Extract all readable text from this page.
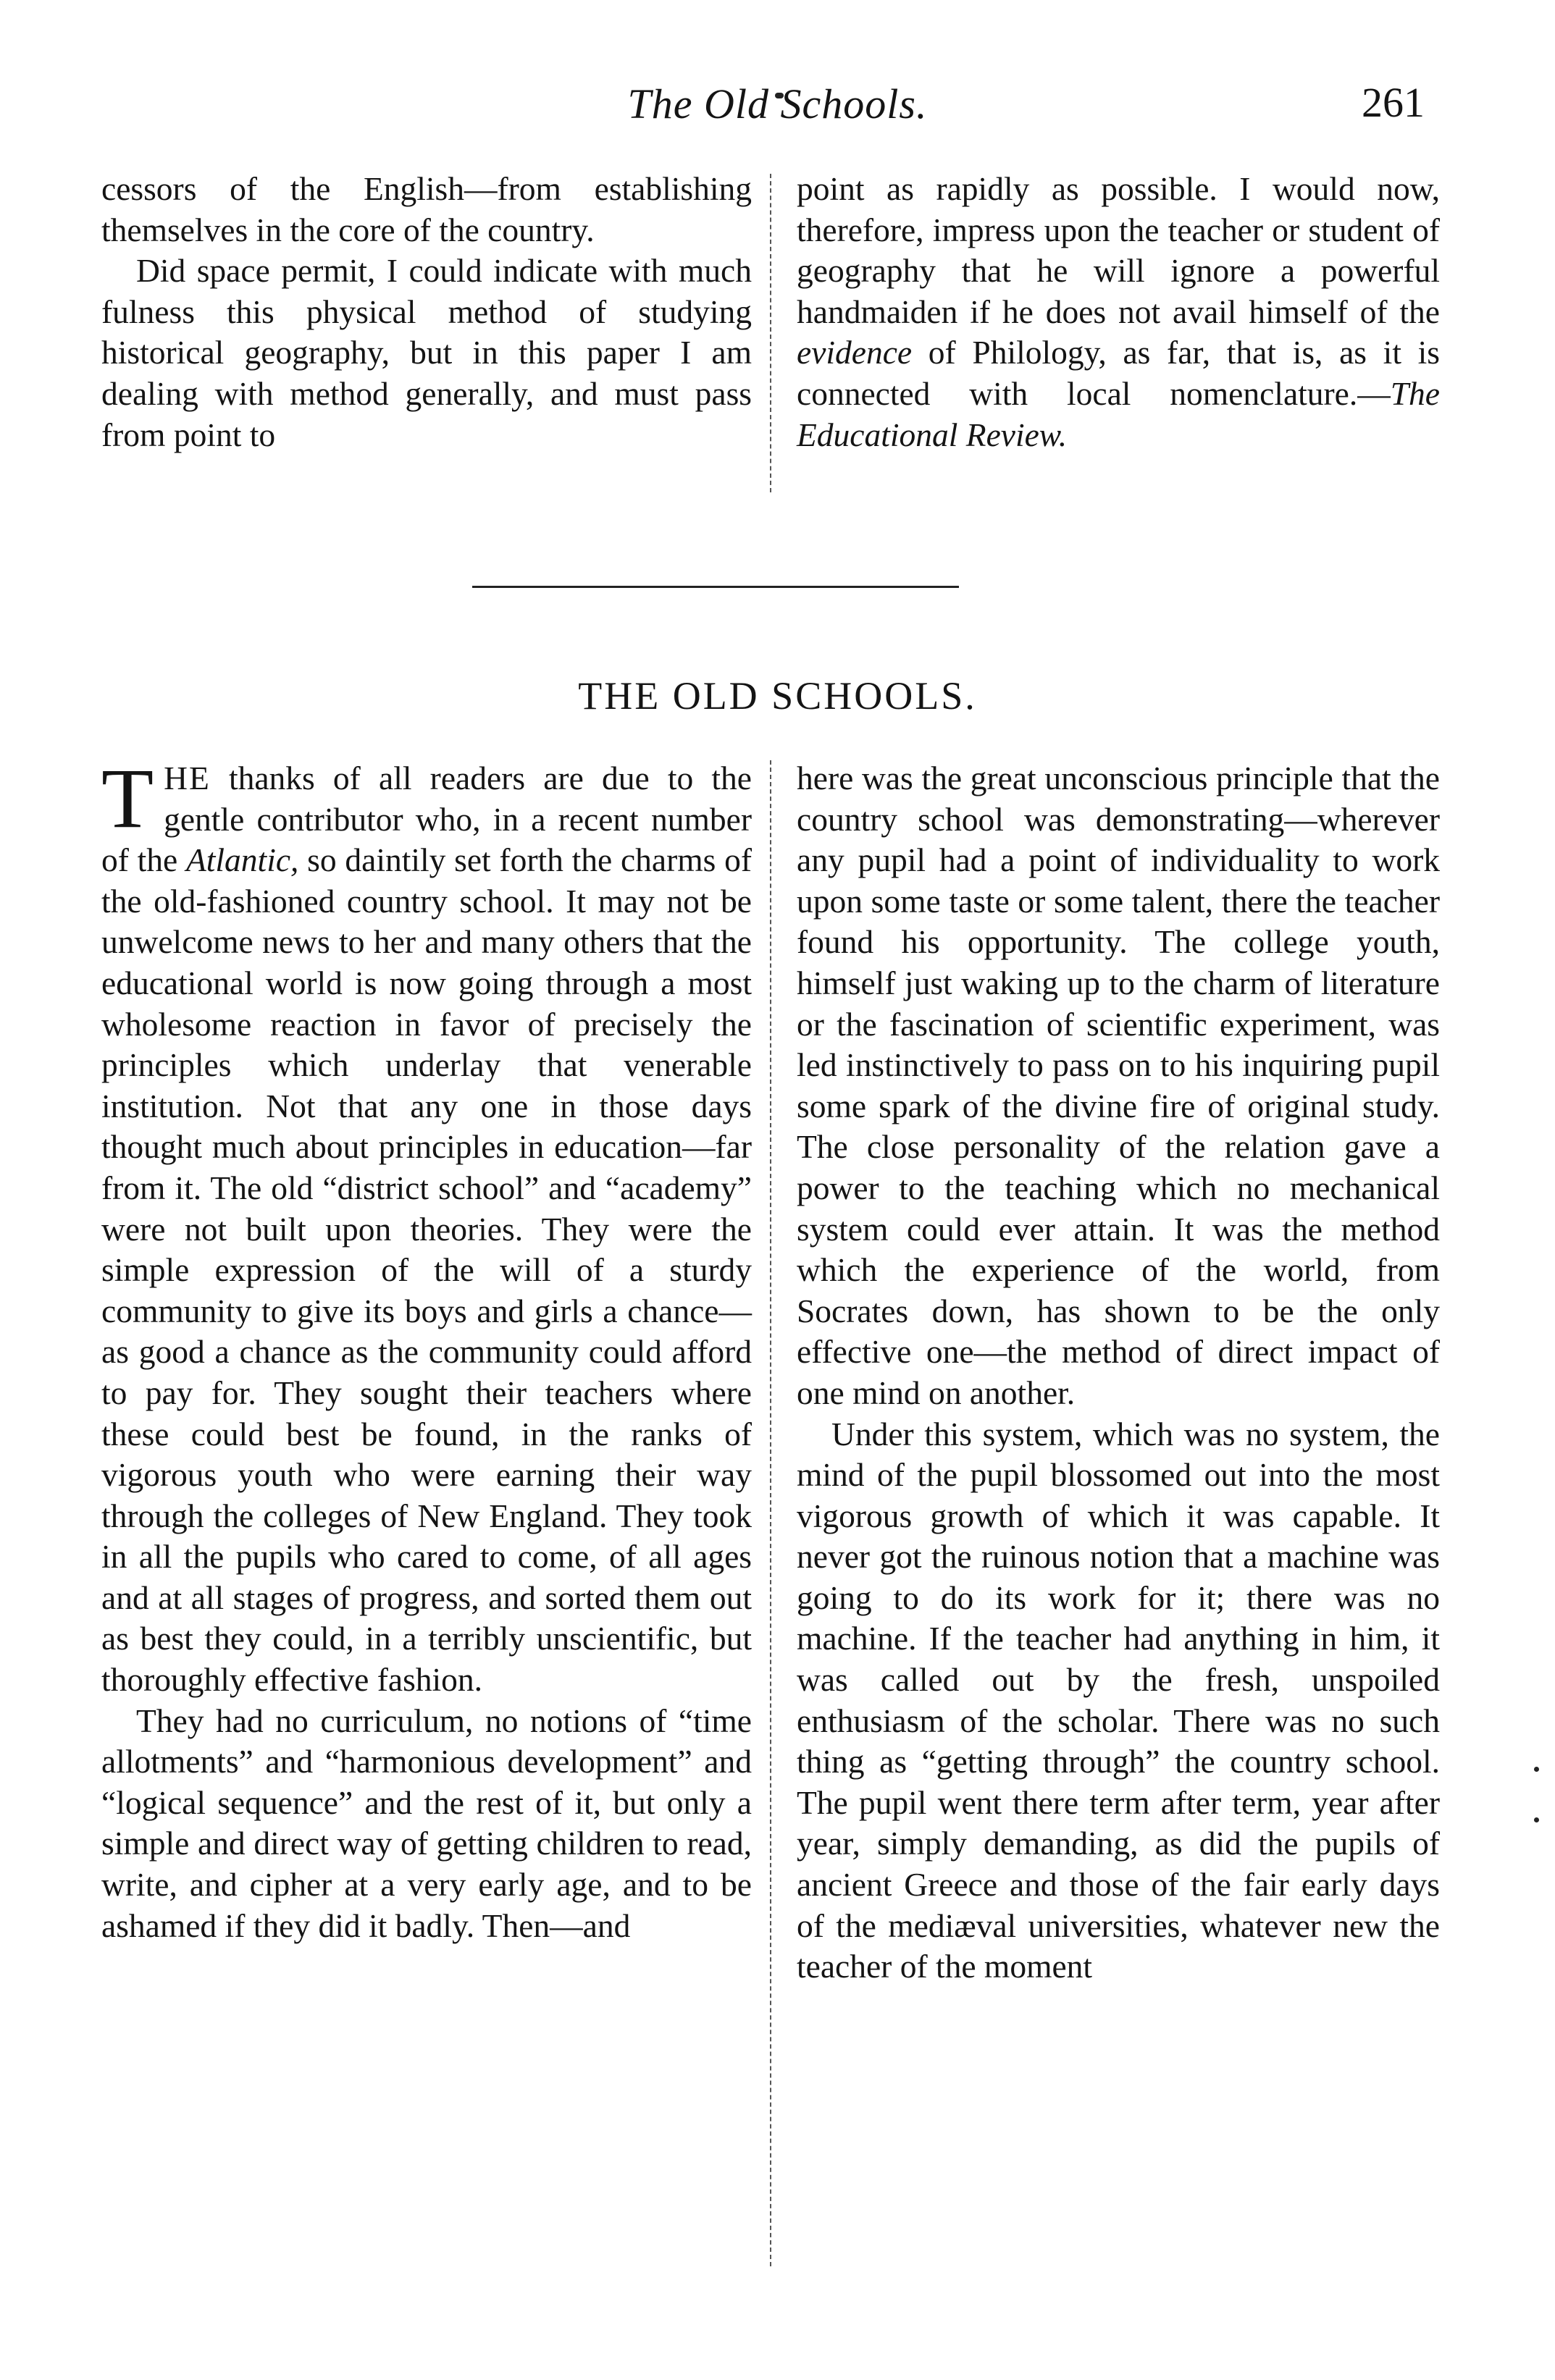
The Old Schools.	261

cessors of the English—from establishing themselves in the core of the country.

Did space permit, I could indicate with much fulness this physical method of studying historical geography, but in this paper I am dealing with method generally, and must pass from point to

point as rapidly as possible. I would now, therefore, impress upon the teacher or student of geography that he will ignore a powerful handmaiden if he does not avail himself of the evidence of Philology, as far, that is, as it is connected with local nomenclature.—The Educational Review.

THE OLD SCHOOLS.

THE thanks of all readers are due to the gentle contributor who, in a recent number of the Atlantic, so daintily set forth the charms of the old-fashioned country school. It may not be unwelcome news to her and many others that the educational world is now going through a most wholesome reaction in favor of precisely the principles which underlay that venerable institution. Not that any one in those days thought much about principles in education—far from it. The old “district school” and “academy” were not built upon theories. They were the simple expression of the will of a sturdy community to give its boys and girls a chance—as good a chance as the community could afford to pay for. They sought their teachers where these could best be found, in the ranks of vigorous youth who were earning their way through the colleges of New England. They took in all the pupils who cared to come, of all ages and at all stages of progress, and sorted them out as best they could, in a terribly unscientific, but thoroughly effective fashion.

They had no curriculum, no notions of “time allotments” and “harmonious development” and “logical sequence” and the rest of it, but only a simple and direct way of getting children to read, write, and cipher at a very early age, and to be ashamed if they did it badly. Then—and

here was the great unconscious principle that the country school was demonstrating—wherever any pupil had a point of individuality to work upon some taste or some talent, there the teacher found his opportunity. The college youth, himself just waking up to the charm of literature or the fascination of scientific experiment, was led instinctively to pass on to his inquiring pupil some spark of the divine fire of original study. The close personality of the relation gave a power to the teaching which no mechanical system could ever attain. It was the method which the experience of the world, from Socrates down, has shown to be the only effective one—the method of direct impact of one mind on another.

Under this system, which was no system, the mind of the pupil blossomed out into the most vigorous growth of which it was capable. It never got the ruinous notion that a machine was going to do its work for it; there was no machine. If the teacher had anything in him, it was called out by the fresh, unspoiled enthusiasm of the scholar. There was no such thing as “getting through” the country school. The pupil went there term after term, year after year, simply demanding, as did the pupils of ancient Greece and those of the fair early days of the mediæval universities, whatever new the teacher of the moment
